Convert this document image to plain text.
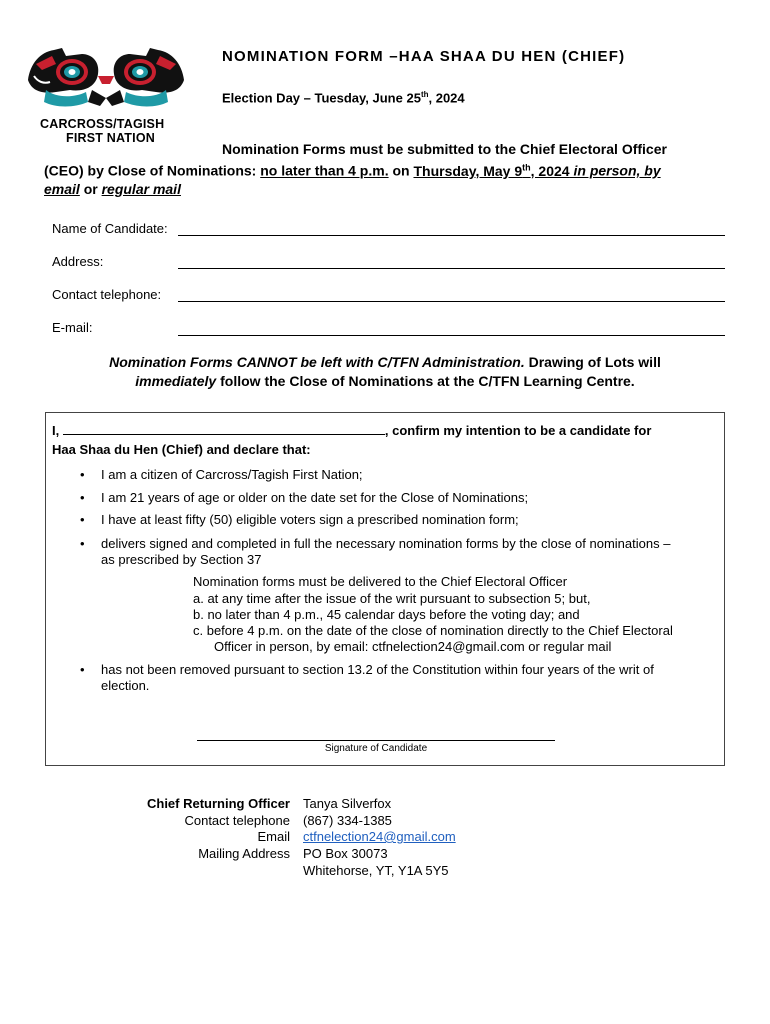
CARCROSS/TAGISH
FIRST NATION
NOMINATION FORM –HAA SHAA DU HEN (CHIEF)
Election Day – Tuesday, June 25th, 2024
Nomination Forms must be submitted to the Chief Electoral Officer
(CEO) by Close of Nominations: no later than 4 p.m. on Thursday, May 9th, 2024 in person, by
email or regular mail
Name of Candidate:
Address:
Contact telephone:
E-mail:
Nomination Forms CANNOT be left with C/TFN Administration. Drawing of Lots will
immediately follow the Close of Nominations at the C/TFN Learning Centre.
I,	, confirm my intention to be a candidate for
Haa Shaa du Hen (Chief) and declare that:
• I am a citizen of Carcross/Tagish First Nation;
• I am 21 years of age or older on the date set for the Close of Nominations;
• I have at least fifty (50) eligible voters sign a prescribed nomination form;
• delivers signed and completed in full the necessary nomination forms by the close of nominations –
as prescribed by Section 37
Nomination forms must be delivered to the Chief Electoral Officer
a. at any time after the issue of the writ pursuant to subsection 5; but,
b. no later than 4 p.m., 45 calendar days before the voting day; and
c. before 4 p.m. on the date of the close of nomination directly to the Chief Electoral
Officer in person, by email: ctfnelection24@gmail.com or regular mail
• has not been removed pursuant to section 13.2 of the Constitution within four years of the writ of
election.
Signature of Candidate
Chief Returning Officer Tanya Silverfox
Contact telephone (867) 334-1385
Email ctfnelection24@gmail.com
Mailing Address PO Box 30073
Whitehorse, YT, Y1A 5Y5
